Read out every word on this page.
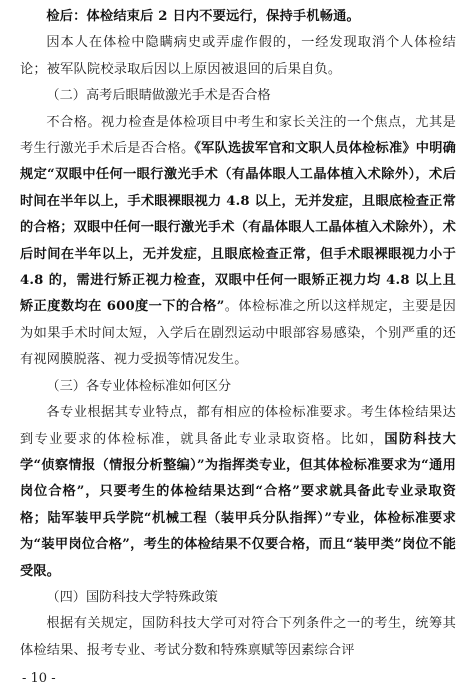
检后：体检结束后 2 日内不要远行，保持手机畅通。

因本人在体检中隐瞒病史或弄虚作假的，一经发现取消个人体检结论；被军队院校录取后因以上原因被退回的后果自负。

（二）高考后眼睛做激光手术是否合格

不合格。视力检查是体检项目中考生和家长关注的一个焦点，尤其是考生行激光手术后是否合格。《军队选拔军官和文职人员体检标准》中明确规定“双眼中任何一眼行激光手术（有晶体眼人工晶体植入术除外），术后时间在半年以上，手术眼裸眼视力 4.8 以上，无并发症，且眼底检查正常的合格；双眼中任何一眼行激光手术（有晶体眼人工晶体植入术除外），术后时间在半年以上，无并发症，且眼底检查正常，但手术眼裸眼视力小于 4.8 的，需进行矫正视力检查，双眼中任何一眼矫正视力均 4.8 以上且矫正度数均在 600度一下的合格”。体检标准之所以这样规定，主要是因为如果手术时间太短，入学后在剧烈运动中眼部容易感染，个别严重的还有视网膜脱落、视力受损等情况发生。

（三）各专业体检标准如何区分

各专业根据其专业特点，都有相应的体检标准要求。考生体检结果达到专业要求的体检标准，就具备此专业录取资格。比如，国防科技大学“侦察情报（情报分析整编）”为指挥类专业，但其体检标准要求为“通用岗位合格”，只要考生的体检结果达到“合格”要求就具备此专业录取资格；陆军装甲兵学院“机械工程（装甲兵分队指挥）”专业，体检标准要求为“装甲岗位合格”，考生的体检结果不仅要合格，而且“装甲类”岗位不能受限。

（四）国防科技大学特殊政策

根据有关规定，国防科技大学可对符合下列条件之一的考生，统筹其体检结果、报考专业、考试分数和特殊禀赋等因素综合评

- 10 -
